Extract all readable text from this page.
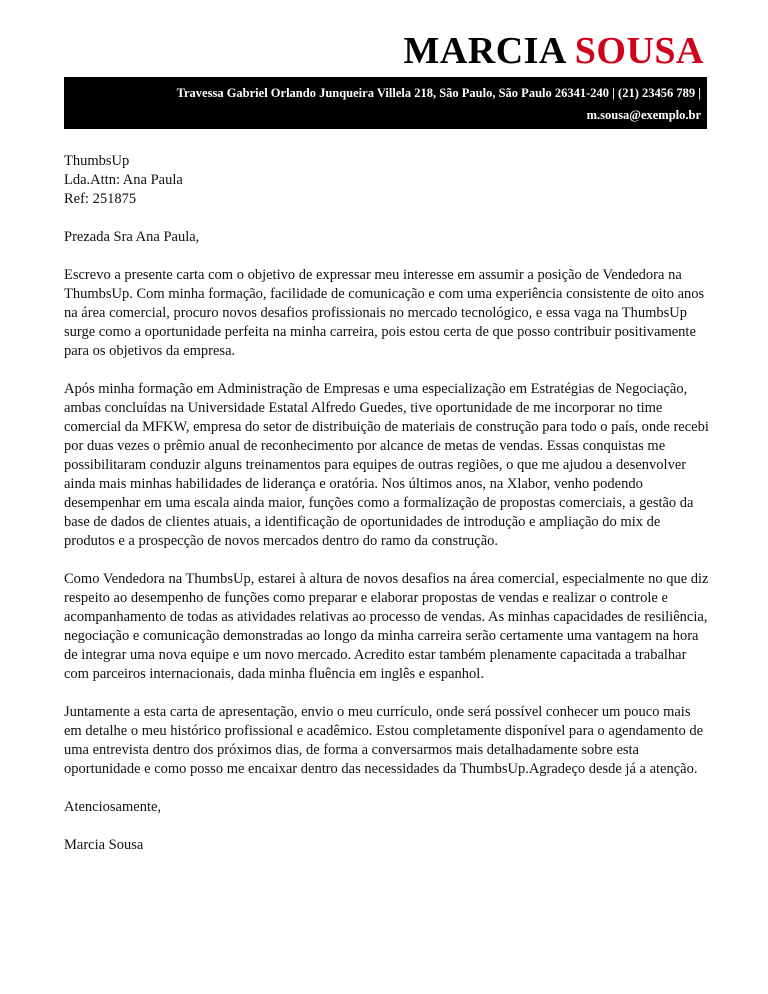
MARCIA SOUSA
Travessa Gabriel Orlando Junqueira Villela 218, São Paulo, São Paulo 26341-240 | (21) 23456 789 |
m.sousa@exemplo.br

ThumbsUp

Lda.Attn: Ana Paula

Ref: 251875

Prezada Sra Ana Paula,

Escrevo a presente carta com o objetivo de expressar meu interesse em assumir a posição de Vendedora na ThumbsUp. Com minha formação, facilidade de comunicação e com uma experiência consistente de oito anos na área comercial, procuro novos desafios profissionais no mercado tecnológico, e essa vaga na ThumbsUp surge como a oportunidade perfeita na minha carreira, pois estou certa de que posso contribuir positivamente para os objetivos da empresa.

Após minha formação em Administração de Empresas e uma especialização em Estratégias de Negociação, ambas concluídas na Universidade Estatal Alfredo Guedes, tive oportunidade de me incorporar no time comercial da MFKW, empresa do setor de distribuição de materiais de construção para todo o país, onde recebi por duas vezes o prêmio anual de reconhecimento por alcance de metas de vendas. Essas conquistas me possibilitaram conduzir alguns treinamentos para equipes de outras regiões, o que me ajudou a desenvolver ainda mais minhas habilidades de liderança e oratória. Nos últimos anos, na Xlabor, venho podendo desempenhar em uma escala ainda maior, funções como a formalização de propostas comerciais, a gestão da base de dados de clientes atuais, a identificação de oportunidades de introdução e ampliação do mix de produtos e a prospecção de novos mercados dentro do ramo da construção.

Como Vendedora na ThumbsUp, estarei à altura de novos desafios na área comercial, especialmente no que diz respeito ao desempenho de funções como preparar e elaborar propostas de vendas e realizar o controle e acompanhamento de todas as atividades relativas ao processo de vendas. As minhas capacidades de resiliência, negociação e comunicação demonstradas ao longo da minha carreira serão certamente uma vantagem na hora de integrar uma nova equipe e um novo mercado. Acredito estar também plenamente capacitada a trabalhar com parceiros internacionais, dada minha fluência em inglês e espanhol.

Juntamente a esta carta de apresentação, envio o meu currículo, onde será possível conhecer um pouco mais em detalhe o meu histórico profissional e acadêmico. Estou completamente disponível para o agendamento de uma entrevista dentro dos próximos dias, de forma a conversarmos mais detalhadamente sobre esta oportunidade e como posso me encaixar dentro das necessidades da ThumbsUp.Agradeço desde já a atenção.

Atenciosamente,

Marcia Sousa
